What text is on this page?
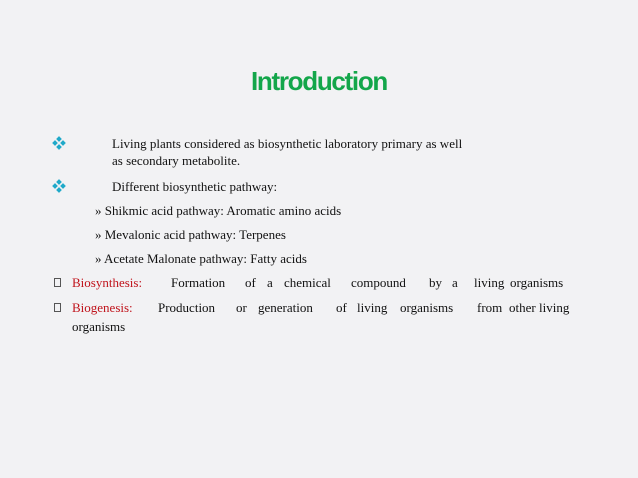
Introduction
Living plants considered as biosynthetic laboratory primary as well
as secondary metabolite.
Different biosynthetic pathway:
» Shikmic acid pathway: Aromatic amino acids
» Mevalonic acid pathway: Terpenes
» Acetate Malonate pathway: Fatty acids
Biosynthesis: Formation of a chemical compound by a living organisms
Biogenesis: Production or generation of living organisms from other living
organisms
